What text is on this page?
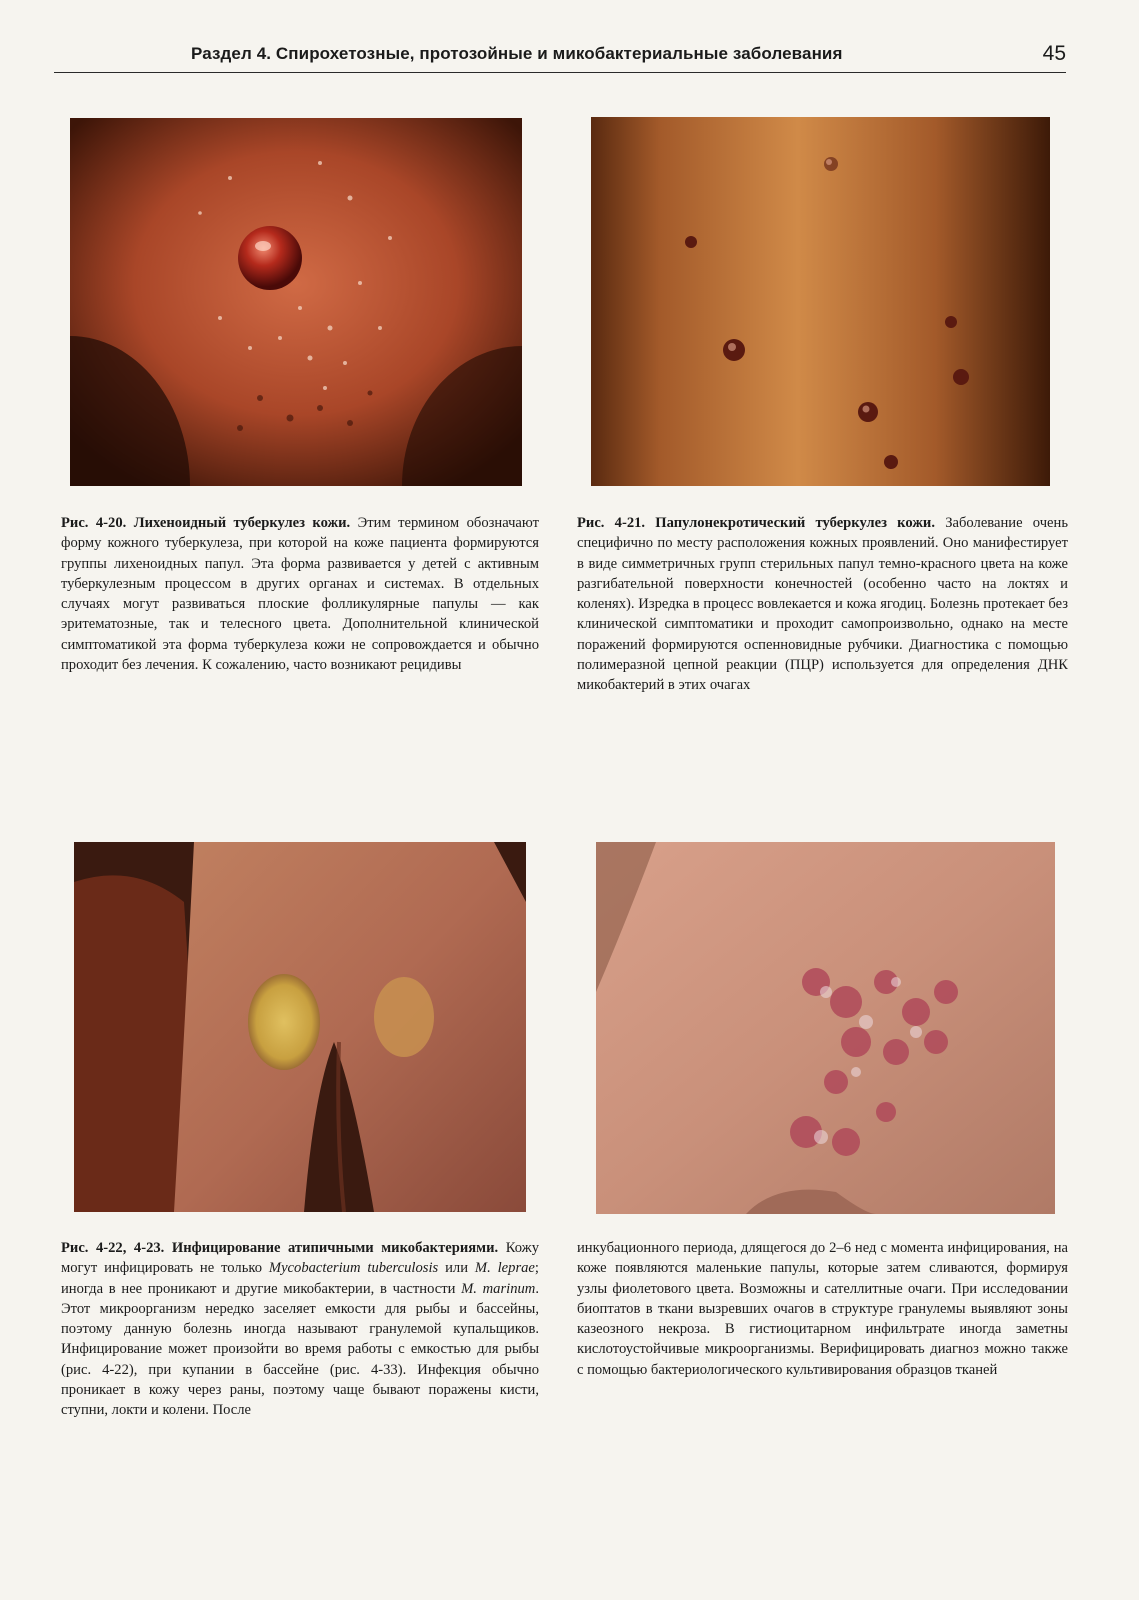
Раздел 4. Спирохетозные, протозойные и микобактериальные заболевания	45

Рис. 4-20. Лихеноидный туберкулез кожи. Этим термином обозначают форму кожного туберкулеза, при которой на коже пациента формируются группы лихеноидных папул. Эта форма развивается у детей с активным туберкулезным процессом в других органах и системах. В отдельных случаях могут развиваться плоские фолликулярные папулы — как эритематозные, так и телесного цвета. Дополнительной клинической симптоматикой эта форма туберкулеза кожи не сопровождается и обычно проходит без лечения. К сожалению, часто возникают рецидивы

Рис. 4-21. Папулонекротический туберкулез кожи. Заболевание очень специфично по месту расположения кожных проявлений. Оно манифестирует в виде симметричных групп стерильных папул темно-красного цвета на коже разгибательной поверхности конечностей (особенно часто на локтях и коленях). Изредка в процесс вовлекается и кожа ягодиц. Болезнь протекает без клинической симптоматики и проходит самопроизвольно, однако на месте поражений формируются оспенновидные рубчики. Диагностика с помощью полимеразной цепной реакции (ПЦР) используется для определения ДНК микобактерий в этих очагах

Рис. 4-22, 4-23. Инфицирование атипичными микобактериями. Кожу могут инфицировать не только Mycobacterium tuberculosis или M. leprae; иногда в нее проникают и другие микобактерии, в частности M. marinum. Этот микроорганизм нередко заселяет емкости для рыбы и бассейны, поэтому данную болезнь иногда называют гранулемой купальщиков. Инфицирование может произойти во время работы с емкостью для рыбы (рис. 4-22), при купании в бассейне (рис. 4-33). Инфекция обычно проникает в кожу через раны, поэтому чаще бывают поражены кисти, ступни, локти и колени. После

инкубационного периода, длящегося до 2–6 нед с момента инфицирования, на коже появляются маленькие папулы, которые затем сливаются, формируя узлы фиолетового цвета. Возможны и сателлитные очаги. При исследовании биоптатов в ткани вызревших очагов в структуре гранулемы выявляют зоны казеозного некроза. В гистиоцитарном инфильтрате иногда заметны кислотоустойчивые микроорганизмы. Верифицировать диагноз можно также с помощью бактериологического культивирования образцов тканей
